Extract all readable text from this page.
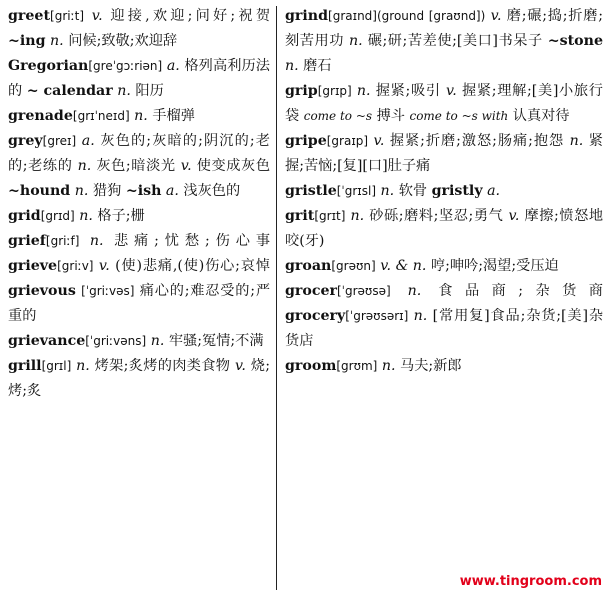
greet[griːt] v. 迎接,欢迎;问好;祝贺 ~ing n. 问候;致敬;欢迎辞
Gregorian[greˈgɔːriən] a. 格列高利历法的 ~ calendar n. 阳历
grenade[grɪˈneɪd] n. 手榴弹
grey[greɪ] a. 灰色的;灰暗的;阴沉的;老的;老练的 n. 灰色;暗淡光 v. 使变成灰色 ~hound n. 猎狗 ~ish a. 浅灰色的
grid[grɪd] n. 格子;栅
grief[griːf] n. 悲痛;忧愁;伤心事 grieve[griːv] v. (使)悲痛,(使)伤心;哀悼 grievous [ˈgriːvəs] 痛心的;难忍受的;严重的
grievance[ˈgriːvəns] n. 牢骚;冤情;不满
grill[grɪl] n. 烤架;炙烤的肉类食物 v. 烧;烤;炙
grind[graɪnd](ground [graʊnd]) v. 磨;碾;捣;折磨;刻苦用功 n. 碾;研;苦差使;[美口]书呆子 ~stone n. 磨石
grip[grɪp] n. 握紧;吸引 v. 握紧;理解;[美]小旅行袋 come to ~s 搏斗 come to ~s with 认真对待
gripe[graɪp] v. 握紧;折磨;激怒;肠痛;抱怨 n. 紧握;苦恼;[复][口]肚子痛
gristle[ˈgrɪsl] n. 软骨 gristly a.
grit[grɪt] n. 砂砾;磨料;坚忍;勇气 v. 摩擦;愤怒地咬(牙)
groan[grəʊn] v. & n. 哼;呻吟;渴望;受压迫
grocer[ˈgrəʊsə] n. 食品商;杂货商 grocery[ˈgrəʊsərɪ] n. [常用复]食品;杂货;[美]杂货店
groom[grʊm] n. 马夫;新郎
www.tingroom.com
